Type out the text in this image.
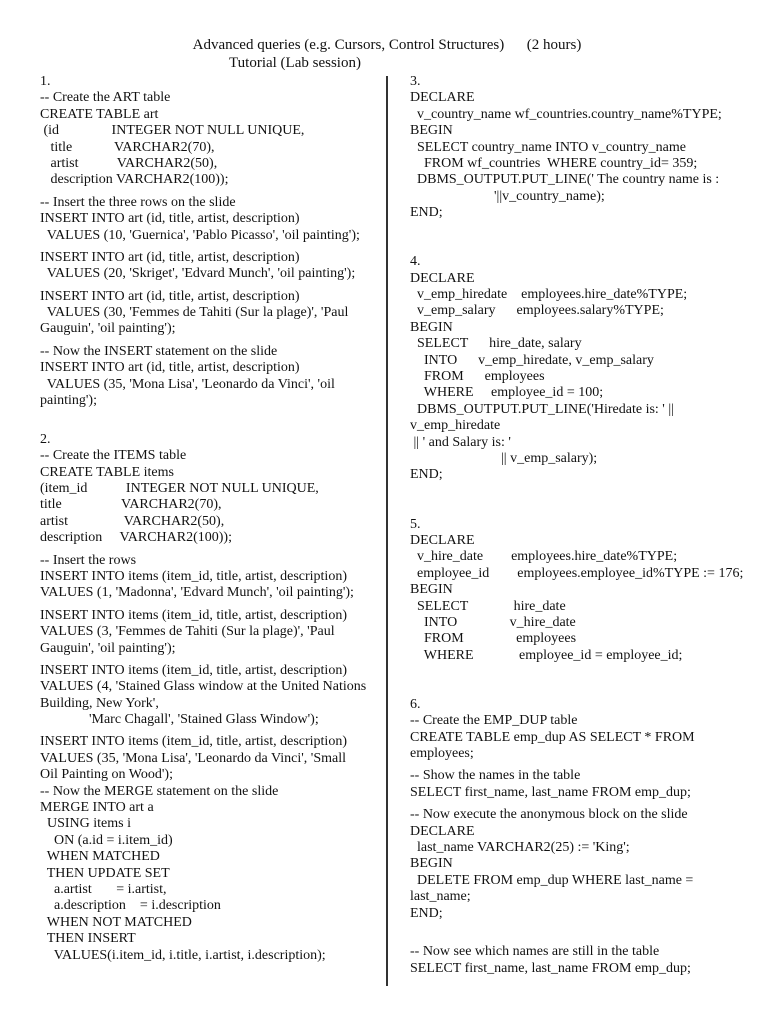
Advanced queries (e.g. Cursors, Control Structures)      (2 hours)
Tutorial (Lab session)
1.
-- Create the ART table
CREATE TABLE art
(id               INTEGER NOT NULL UNIQUE,
title            VARCHAR2(70),
artist           VARCHAR2(50),
description VARCHAR2(100));
-- Insert the three rows on the slide
INSERT INTO art (id, title, artist, description)
VALUES (10, 'Guernica', 'Pablo Picasso', 'oil painting');
INSERT INTO art (id, title, artist, description)
VALUES (20, 'Skriget', 'Edvard Munch', 'oil painting');
INSERT INTO art (id, title, artist, description)
VALUES (30, 'Femmes de Tahiti (Sur la plage)', 'Paul
Gauguin', 'oil painting');
-- Now the INSERT statement on the slide
INSERT INTO art (id, title, artist, description)
VALUES (35, 'Mona Lisa', 'Leonardo da Vinci', 'oil
painting');
2.
-- Create the ITEMS table
CREATE TABLE items
(item_id           INTEGER NOT NULL UNIQUE,
title                 VARCHAR2(70),
artist                VARCHAR2(50),
description     VARCHAR2(100));
-- Insert the rows
INSERT INTO items (item_id, title, artist, description)
VALUES (1, 'Madonna', 'Edvard Munch', 'oil painting');
INSERT INTO items (item_id, title, artist, description)
VALUES (3, 'Femmes de Tahiti (Sur la plage)', 'Paul
Gauguin', 'oil painting');
INSERT INTO items (item_id, title, artist, description)
VALUES (4, 'Stained Glass window at the United Nations
Building, New York',
'Marc Chagall', 'Stained Glass Window');
INSERT INTO items (item_id, title, artist, description)
VALUES (35, 'Mona Lisa', 'Leonardo da Vinci', 'Small
Oil Painting on Wood');
-- Now the MERGE statement on the slide
MERGE INTO art a
USING items i
ON (a.id = i.item_id)
WHEN MATCHED
THEN UPDATE SET
a.artist       = i.artist,
a.description    = i.description
WHEN NOT MATCHED
THEN INSERT
VALUES(i.item_id, i.title, i.artist, i.description);
3.
DECLARE
v_country_name wf_countries.country_name%TYPE;
BEGIN
SELECT country_name INTO v_country_name
FROM wf_countries  WHERE country_id= 359;
DBMS_OUTPUT.PUT_LINE(' The country name is :
'||v_country_name);
END;
4.
DECLARE
v_emp_hiredate    employees.hire_date%TYPE;
v_emp_salary      employees.salary%TYPE;
BEGIN
SELECT      hire_date, salary
INTO      v_emp_hiredate, v_emp_salary
FROM      employees
WHERE     employee_id = 100;
DBMS_OUTPUT.PUT_LINE('Hiredate is: ' ||
v_emp_hiredate
|| ' and Salary is: '
|| v_emp_salary);
END;
5.
DECLARE
v_hire_date        employees.hire_date%TYPE;
employee_id        employees.employee_id%TYPE := 176;
BEGIN
SELECT             hire_date
INTO               v_hire_date
FROM               employees
WHERE             employee_id = employee_id;
6.
-- Create the EMP_DUP table
CREATE TABLE emp_dup AS SELECT * FROM
employees;
-- Show the names in the table
SELECT first_name, last_name FROM emp_dup;
-- Now execute the anonymous block on the slide
DECLARE
last_name VARCHAR2(25) := 'King';
BEGIN
DELETE FROM emp_dup WHERE last_name =
last_name;
END;
-- Now see which names are still in the table
SELECT first_name, last_name FROM emp_dup;
